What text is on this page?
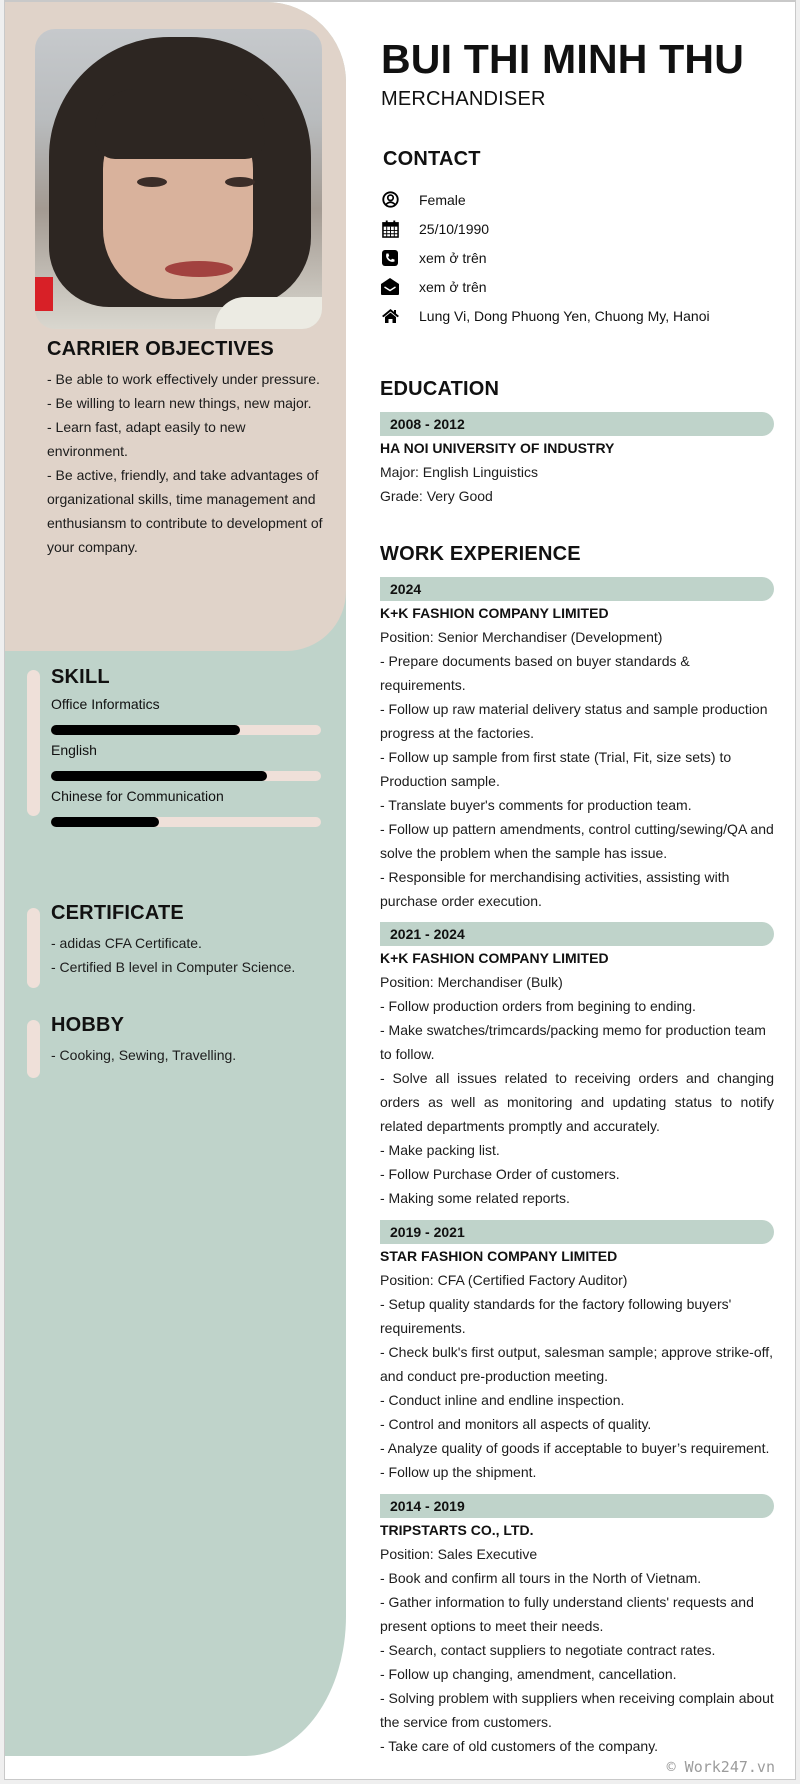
CARRIER OBJECTIVES
- Be able to work effectively under pressure.
- Be willing to learn new things, new major.
- Learn fast, adapt easily to new environment.
- Be active, friendly, and take advantages of organizational skills, time management and enthusiansm to contribute to development of your company.
SKILL
Office Informatics
English
Chinese for Communication
CERTIFICATE
- adidas CFA Certificate.
- Certified B level in Computer Science.
HOBBY
- Cooking, Sewing, Travelling.
BUI THI MINH THU
MERCHANDISER
CONTACT
Female
25/10/1990
xem ở trên
xem ở trên
Lung Vi, Dong Phuong Yen, Chuong My, Hanoi
EDUCATION
2008 - 2012
HA NOI UNIVERSITY OF INDUSTRY
Major: English Linguistics
Grade: Very Good
WORK EXPERIENCE
2024
K+K FASHION COMPANY LIMITED
Position: Senior Merchandiser (Development)
- Prepare documents based on buyer standards & requirements.
- Follow up raw material delivery status and sample production progress at the factories.
- Follow up sample from first state (Trial, Fit, size sets) to Production sample.
- Translate buyer's comments for production team.
- Follow up pattern amendments, control cutting/sewing/QA and solve the problem when the sample has issue.
- Responsible for merchandising activities, assisting with purchase order execution.
2021 - 2024
K+K FASHION COMPANY LIMITED
Position: Merchandiser (Bulk)
- Follow production orders from begining to ending.
- Make swatches/trimcards/packing memo for production team to follow.
- Solve all issues related to receiving orders and changing orders as well as monitoring and updating status to notify related departments promptly and accurately.
- Make packing list.
- Follow Purchase Order of customers.
- Making some related reports.
2019 - 2021
STAR FASHION COMPANY LIMITED
Position: CFA (Certified Factory Auditor)
- Setup quality standards for the factory following buyers' requirements.
- Check bulk's first output, salesman sample; approve strike-off, and conduct pre-production meeting.
- Conduct inline and endline inspection.
- Control and monitors all aspects of quality.
- Analyze quality of goods if acceptable to buyer’s requirement.
- Follow up the shipment.
2014 - 2019
TRIPSTARTS CO., LTD.
Position: Sales Executive
- Book and confirm all tours in the North of Vietnam.
- Gather information to fully understand clients' requests and present options to meet their needs.
- Search, contact suppliers to negotiate contract rates.
- Follow up changing, amendment, cancellation.
- Solving problem with suppliers when receiving complain about the service from customers.
- Take care of old customers of the company.
© Work247.vn
